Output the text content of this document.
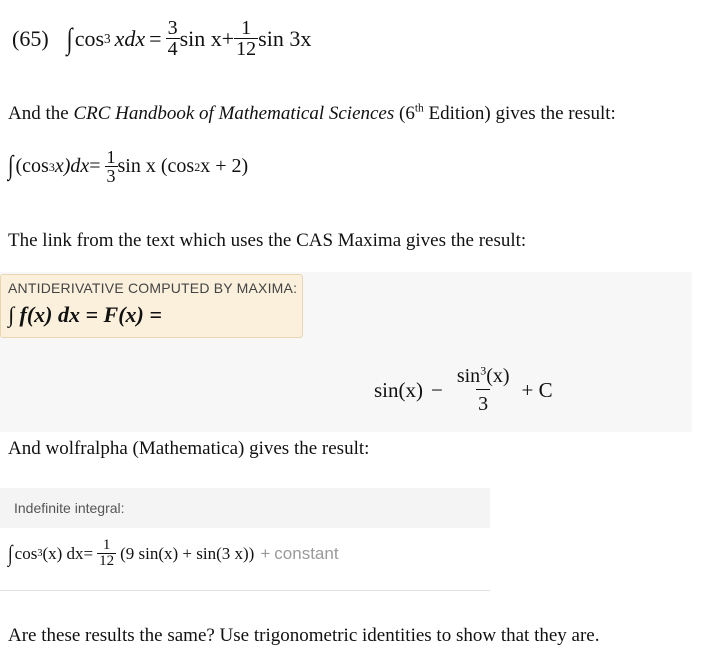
(65) ∫ cos 3 xdx = $\frac{3}{4}$ $\sin x + \frac{1}{12}$ sin 3x
And the CRC Handbook of Mathematical Sciences (6th Edition) gives the result:
∫ (cos 3 $x)dx = \frac{1}{3}$ sin x (cos 2 x + 2)
The link from the text which uses the CAS Maxima gives the result:
ANTIDERIVATIVE COMPUTED BY MAXIMA:
∫ f(x) dx = F(x) =
$\sin(x) - \frac{\sin^3(x)}{3} + C$
And wolfralpha (Mathematica) gives the result:
Indefinite integral:
∫ cos 3 (x) dx = $\frac{1}{12} (9$ sin(x) + sin(3 x)) + constant
Are these results the same? Use trigonometric identities to show that they are.
